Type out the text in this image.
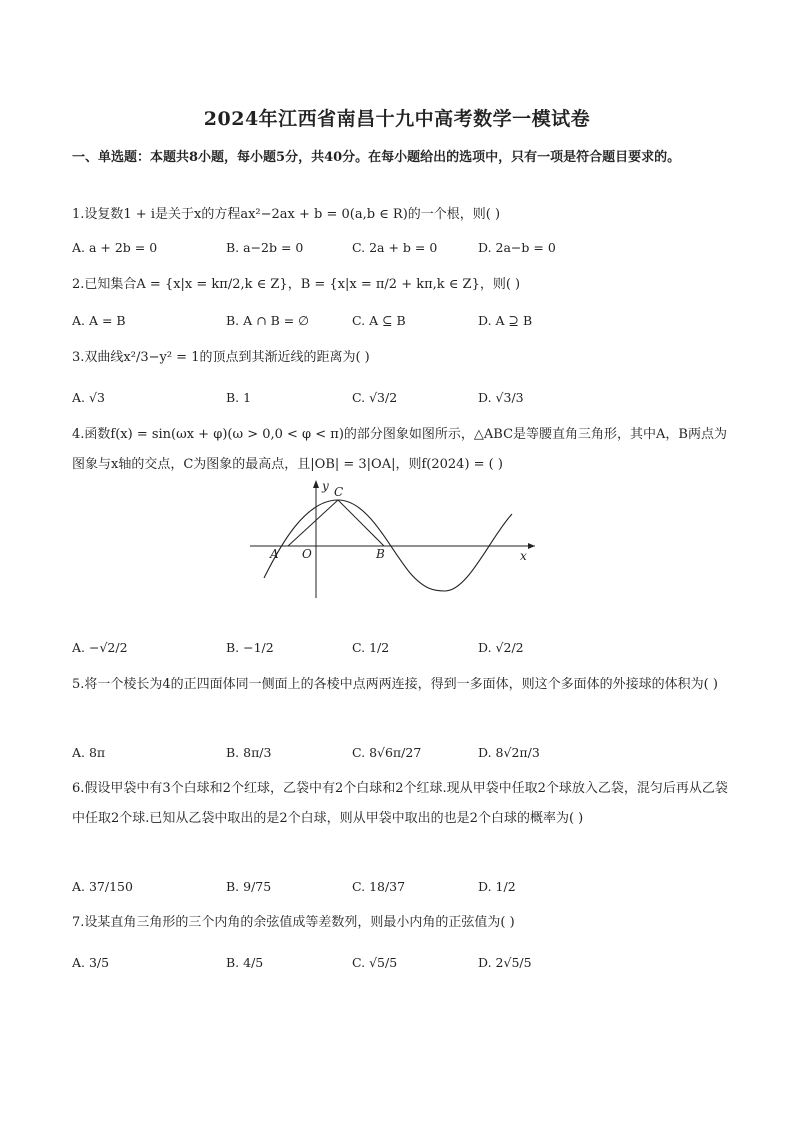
2024年江西省南昌十九中高考数学一模试卷
一、单选题：本题共8小题，每小题5分，共40分。在每小题给出的选项中，只有一项是符合题目要求的。
1.设复数1 + i是关于x的方程ax²−2ax + b = 0(a,b ∈ R)的一个根，则( )
A. a + 2b = 0	B. a−2b = 0	C. 2a + b = 0	D. 2a−b = 0
2.已知集合A = {x|x = kπ/2,k ∈ Z}，B = {x|x = π/2 + kπ,k ∈ Z}，则( )
A. A = B	B. A ∩ B = ∅	C. A ⊆ B	D. A ⊇ B
3.双曲线x²/3−y² = 1的顶点到其渐近线的距离为( )
A. √3	B. 1	C. √3/2	D. √3/3
4.函数f(x) = sin(ωx + φ)(ω > 0,0 < φ < π)的部分图象如图所示，△ABC是等腰直角三角形，其中A，B两点为图象与x轴的交点，C为图象的最高点，且|OB| = 3|OA|，则f(2024) = ( )
y C
A O	B	x
A. −√2/2	B. −1/2	C. 1/2	D. √2/2
5.将一个棱长为4的正四面体同一侧面上的各棱中点两两连接，得到一多面体，则这个多面体的外接球的体积为( )
A. 8π	B. 8π/3	C. 8√6π/27	D. 8√2π/3
6.假设甲袋中有3个白球和2个红球，乙袋中有2个白球和2个红球.现从甲袋中任取2个球放入乙袋，混匀后再从乙袋中任取2个球.已知从乙袋中取出的是2个白球，则从甲袋中取出的也是2个白球的概率为( )
A. 37/150	B. 9/75	C. 18/37	D. 1/2
7.设某直角三角形的三个内角的余弦值成等差数列，则最小内角的正弦值为( )
A. 3/5	B. 4/5	C. √5/5	D. 2√5/5
